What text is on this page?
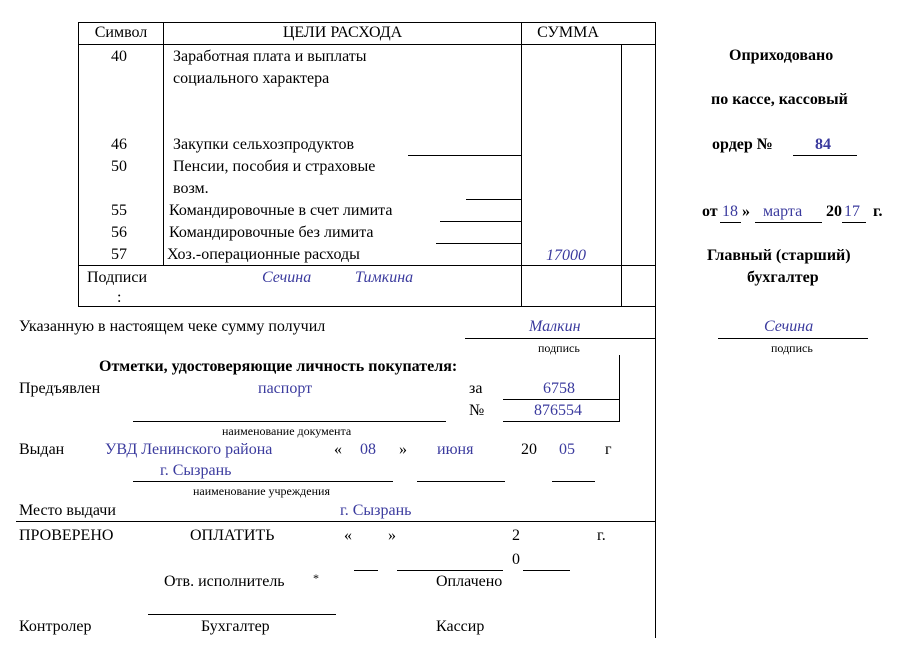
Символ	ЦЕЛИ РАСХОДА	СУММА
40	Заработная плата и выплаты
социального характера
46	Закупки сельхозпродуктов
50	Пенсии, пособия и страховые
возм.
55	Командировочные в счет лимита
56	Командировочные без лимита
57	Хоз.-операционные расходы	17000
Подписи
:
Сечина	Тимкина
Оприходовано
по кассе, кассовый
ордер №	84
от 18 » марта 20 17 г.
Главный (старший)
бухгалтер
Указанную в настоящем чеке сумму получил	Малкин
подпись
Сечина
подпись
Отметки, удостоверяющие личность покупателя:
Предъявлен	паспорт	за	6758
№	876554
наименование документа
Выдан	УВД Ленинского района	« 08 » июня	20 05 г
г. Сызрань
наименование учреждения
Место выдачи	г. Сызрань
ПРОВЕРЕНО	ОПЛАТИТЬ	« »	2	г.
0
Отв. исполнитель *	Оплачено
Контролер	Бухгалтер	Кассир
